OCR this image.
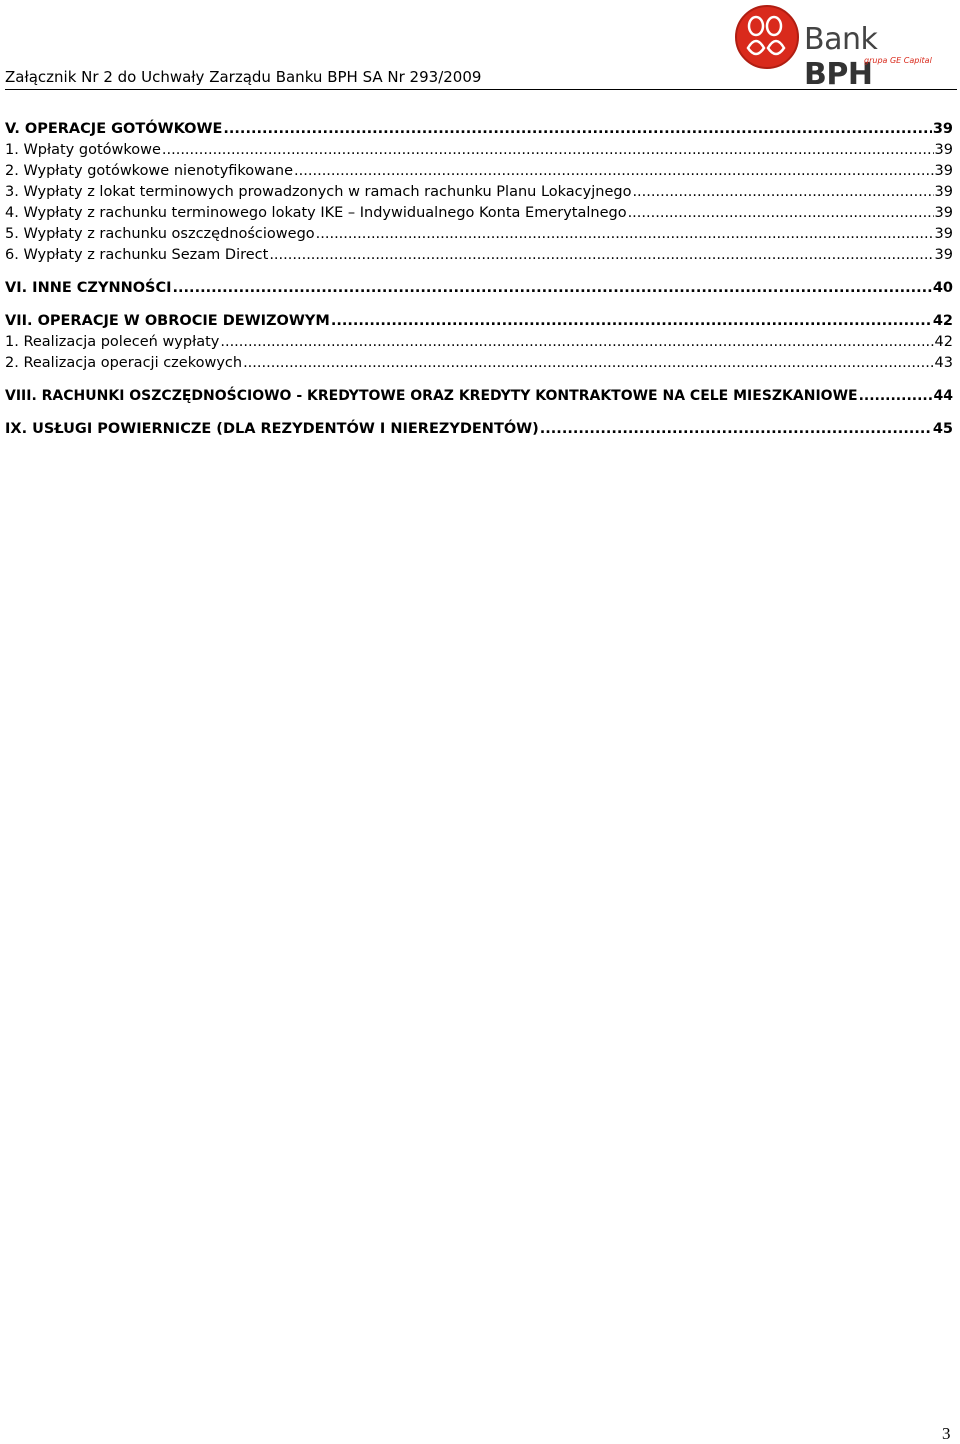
Bank BPH
grupa GE Capital
Załącznik Nr 2 do Uchwały Zarządu Banku BPH SA Nr 293/2009
V. OPERACJE GOTÓWKOWE .....	39
1. Wpłaty gotówkowe .....	39
2. Wypłaty gotówkowe nienotyfikowane .....	39
3. Wypłaty z lokat terminowych prowadzonych w ramach rachunku Planu Lokacyjnego .....	39
4. Wypłaty z rachunku terminowego lokaty IKE – Indywidualnego Konta Emerytalnego .....	39
5. Wypłaty z rachunku oszczędnościowego .....	39
6. Wypłaty z rachunku Sezam Direct .....	39
VI. INNE CZYNNOŚCI .....	40
VII. OPERACJE W OBROCIE DEWIZOWYM .....	42
1. Realizacja poleceń wypłaty .....	42
2. Realizacja operacji czekowych .....	43
VIII. RACHUNKI OSZCZĘDNOŚCIOWO - KREDYTOWE ORAZ KREDYTY KONTRAKTOWE NA CELE MIESZKANIOWE .....	44
IX. USŁUGI POWIERNICZE (DLA REZYDENTÓW I NIEREZYDENTÓW) .....	45
3
